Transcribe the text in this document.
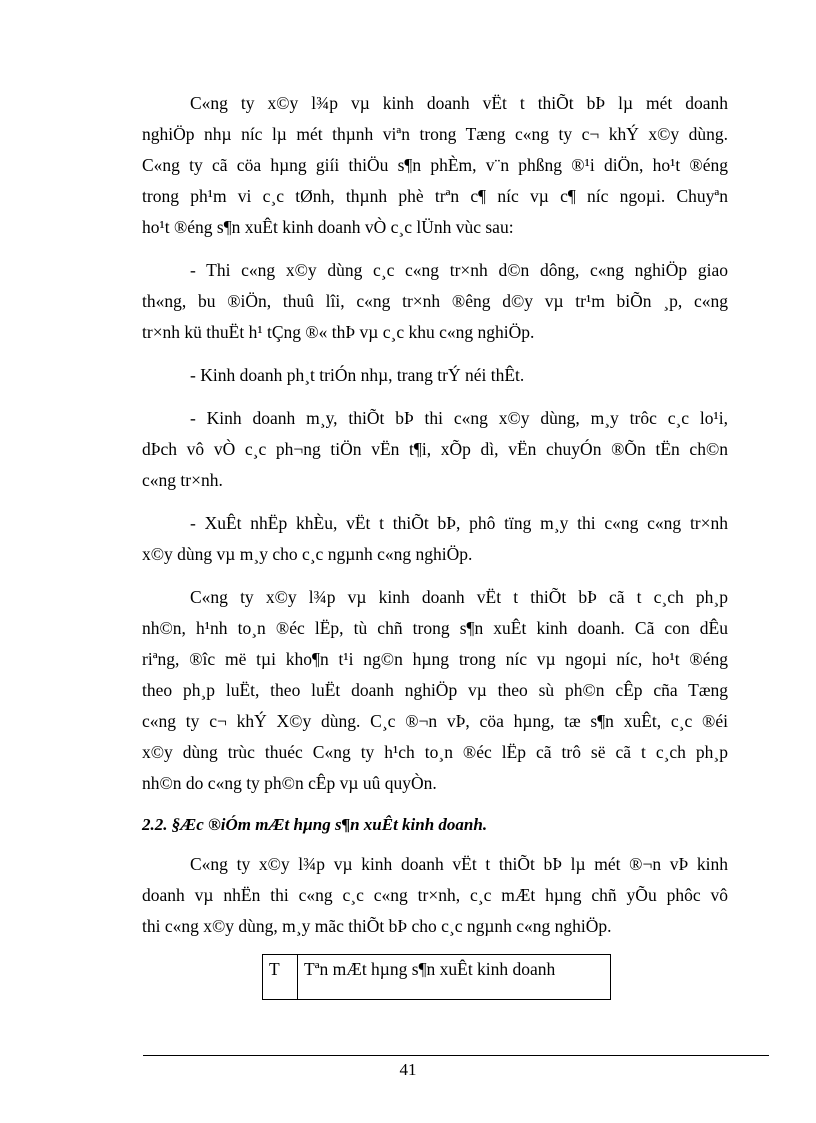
C«ng ty x©y l¾p vµ kinh doanh vËt t thiÕt bÞ lµ mét doanh
nghiÖp nhµ níc lµ mét thµnh viªn trong Tæng c«ng ty c¬ khÝ x©y dùng.
C«ng ty cã cöa hµng giíi thiÖu s¶n phÈm, v¨n phßng ®¹i diÖn, ho¹t ®éng
trong ph¹m vi c¸c tØnh, thµnh phè trªn c¶ níc vµ c¶ níc ngoµi. Chuyªn
ho¹t ®éng s¶n xuÊt kinh doanh vÒ c¸c lÜnh vùc sau:
- Thi c«ng x©y dùng c¸c c«ng tr×nh d©n dông, c«ng nghiÖp giao
th«ng, bu ®iÖn, thuû lîi, c«ng tr×nh ®êng d©y vµ tr¹m biÕn ¸p, c«ng
tr×nh kü thuËt h¹ tÇng ®« thÞ vµ c¸c khu c«ng nghiÖp.
- Kinh doanh ph¸t triÓn nhµ, trang trÝ néi thÊt.
- Kinh doanh m¸y, thiÕt bÞ thi c«ng x©y dùng, m¸y trôc c¸c lo¹i,
dÞch vô vÒ c¸c ph¬ng tiÖn vËn t¶i, xÕp dì, vËn chuyÓn ®Õn tËn ch©n
c«ng tr×nh.
- XuÊt nhËp khÈu, vËt t thiÕt bÞ, phô tïng m¸y thi c«ng c«ng tr×nh
x©y dùng vµ m¸y cho c¸c ngµnh c«ng nghiÖp.
C«ng ty x©y l¾p vµ kinh doanh vËt t thiÕt bÞ cã t c¸ch ph¸p
nh©n, h¹nh to¸n ®éc lËp, tù chñ trong s¶n xuÊt kinh doanh. Cã con dÊu
riªng, ®îc më tµi kho¶n t¹i ng©n hµng trong níc vµ ngoµi níc, ho¹t ®éng
theo ph¸p luËt, theo luËt doanh nghiÖp vµ theo sù ph©n cÊp cña Tæng
c«ng ty c¬ khÝ X©y dùng. C¸c ®¬n vÞ, cöa hµng, tæ s¶n xuÊt, c¸c ®éi
x©y dùng trùc thuéc C«ng ty h¹ch to¸n ®éc lËp cã trô së cã t c¸ch ph¸p
nh©n do c«ng ty ph©n cÊp vµ uû quyÒn.
2.2. §Æc ®iÓm mÆt hµng s¶n xuÊt kinh doanh.
C«ng ty x©y l¾p vµ kinh doanh vËt t thiÕt bÞ lµ mét ®¬n vÞ kinh
doanh vµ nhËn thi c«ng c¸c c«ng tr×nh, c¸c mÆt hµng chñ yÕu phôc vô
thi c«ng x©y dùng, m¸y mãc thiÕt bÞ cho c¸c ngµnh c«ng nghiÖp.
T	Tªn mÆt hµng s¶n xuÊt kinh doanh
41
